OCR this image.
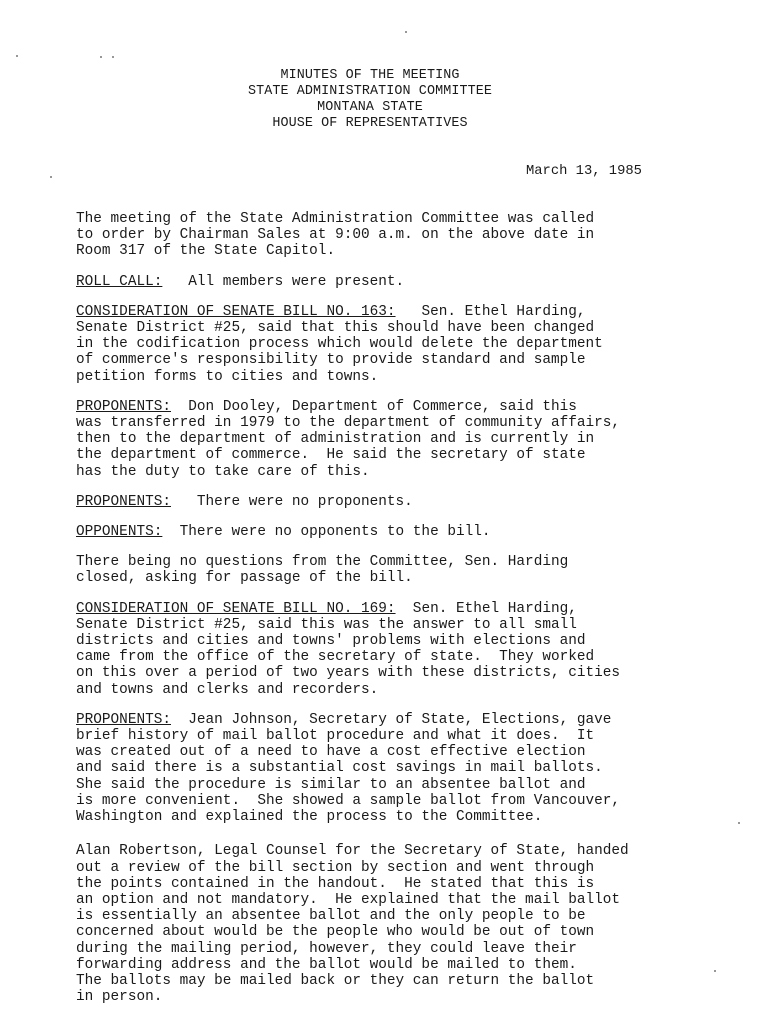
MINUTES OF THE MEETING
STATE ADMINISTRATION COMMITTEE
MONTANA STATE
HOUSE OF REPRESENTATIVES
March 13, 1985
The meeting of the State Administration Committee was called
to order by Chairman Sales at 9:00 a.m. on the above date in
Room 317 of the State Capitol.
ROLL CALL:   All members were present.
CONSIDERATION OF SENATE BILL NO. 163:   Sen. Ethel Harding,
Senate District #25, said that this should have been changed
in the codification process which would delete the department
of commerce's responsibility to provide standard and sample
petition forms to cities and towns.
PROPONENTS:  Don Dooley, Department of Commerce, said this
was transferred in 1979 to the department of community affairs,
then to the department of administration and is currently in
the department of commerce.  He said the secretary of state
has the duty to take care of this.
PROPONENTS:   There were no proponents.
OPPONENTS:  There were no opponents to the bill.
There being no questions from the Committee, Sen. Harding
closed, asking for passage of the bill.
CONSIDERATION OF SENATE BILL NO. 169:  Sen. Ethel Harding,
Senate District #25, said this was the answer to all small
districts and cities and towns' problems with elections and
came from the office of the secretary of state.  They worked
on this over a period of two years with these districts, cities
and towns and clerks and recorders.
PROPONENTS:  Jean Johnson, Secretary of State, Elections, gave
brief history of mail ballot procedure and what it does.  It
was created out of a need to have a cost effective election
and said there is a substantial cost savings in mail ballots.
She said the procedure is similar to an absentee ballot and
is more convenient.  She showed a sample ballot from Vancouver,
Washington and explained the process to the Committee.
Alan Robertson, Legal Counsel for the Secretary of State, handed
out a review of the bill section by section and went through
the points contained in the handout.  He stated that this is
an option and not mandatory.  He explained that the mail ballot
is essentially an absentee ballot and the only people to be
concerned about would be the people who would be out of town
during the mailing period, however, they could leave their
forwarding address and the ballot would be mailed to them.
The ballots may be mailed back or they can return the ballot
in person.
